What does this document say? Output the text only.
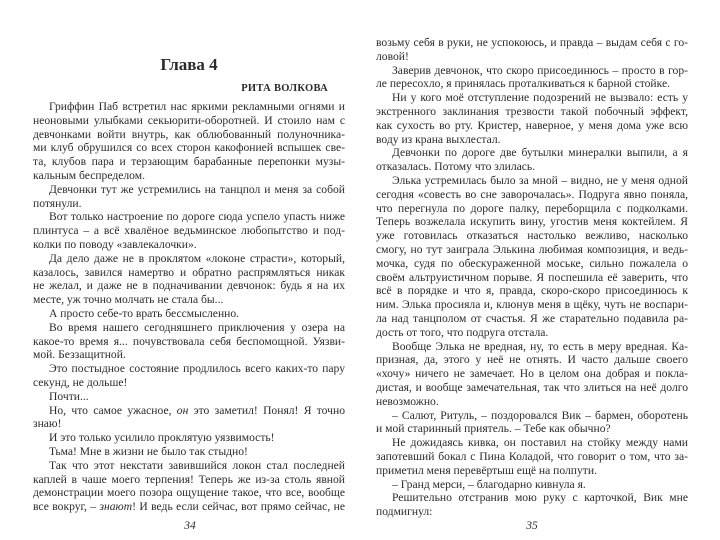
Глава 4
РИТА ВОЛКОВА
Гриффин Паб встретил нас яркими рекламными огнями и
неоновыми улыбками секьюрити-оборотней. И стоило нам с
девчонками войти внутрь, как облюбованный полуночника-
ми клуб обрушился со всех сторон какофонией вспышек све-
та, клубов пара и терзающим барабанные перепонки музы-
кальным беспределом.
Девчонки тут же устремились на танцпол и меня за собой
потянули.
Вот только настроение по дороге сюда успело упасть ниже
плинтуса – а всё хвалёное ведьминское любопытство и под-
колки по поводу «завлекалочки».
Да дело даже не в проклятом «локоне страсти», который,
казалось, завился намертво и обратно распрямляться никак
не желал, и даже не в подначивании девчонок: будь я на их
месте, уж точно молчать не стала бы...
А просто себе-то врать бессмысленно.
Во время нашего сегодняшнего приключения у озера на
какое-то время я... почувствовала себя беспомощной. Уязви-
мой. Беззащитной.
Это постыдное состояние продлилось всего каких-то пару
секунд, не дольше!
Почти...
Но, что самое ужасное, он это заметил! Понял! Я точно
знаю!
И это только усилило проклятую уязвимость!
Тьма! Мне в жизни не было так стыдно!
Так что этот некстати завившийся локон стал последней
каплей в чаше моего терпения! Теперь же из-за столь явной
демонстрации моего позора ощущение такое, что все, вообще
все вокруг, – знают! И ведь если сейчас, вот прямо сейчас, не
возьму себя в руки, не успокоюсь, и правда – выдам себя с го-
ловой!
Заверив девчонок, что скоро присоединюсь – просто в гор-
ле пересохло, я принялась проталкиваться к барной стойке.
Ни у кого моё отступление подозрений не вызвало: есть у
экстренного заклинания трезвости такой побочный эффект,
как сухость во рту. Кристер, наверное, у меня дома уже всю
воду из крана выхлестал.
Девчонки по дороге две бутылки минералки выпили, а я
отказалась. Потому что злилась.
Элька устремилась было за мной – видно, не у меня одной
сегодня «совесть во сне заворочалась». Подруга явно поняла,
что перегнула по дороге палку, переборщила с подколками.
Теперь возжелала искупить вину, угостив меня коктейлем. Я
уже готовилась отказаться настолько вежливо, насколько
смогу, но тут заиграла Элькина любимая композиция, и ведь-
мочка, судя по обескураженной моське, сильно пожалела о
своём альтруистичном порыве. Я поспешила её заверить, что
всё в порядке и что я, правда, скоро-скоро присоединюсь к
ним. Элька просияла и, клюнув меня в щёку, чуть не воспари-
ла над танцполом от счастья. Я же старательно подавила ра-
дость от того, что подруга отстала.
Вообще Элька не вредная, ну, то есть в меру вредная. Ка-
призная, да, этого у неё не отнять. И часто дальше своего
«хочу» ничего не замечает. Но в целом она добрая и покла-
дистая, и вообще замечательная, так что злиться на неё долго
невозможно.
– Салют, Ритуль, – поздоровался Вик – бармен, оборотень
и мой старинный приятель. – Тебе как обычно?
Не дожидаясь кивка, он поставил на стойку между нами
запотевший бокал с Пина Коладой, что говорит о том, что за-
приметил меня перевёртыш ещё на полпути.
– Гранд мерси, – благодарно кивнула я.
Решительно отстранив мою руку с карточкой, Вик мне
подмигнул:
34	35
